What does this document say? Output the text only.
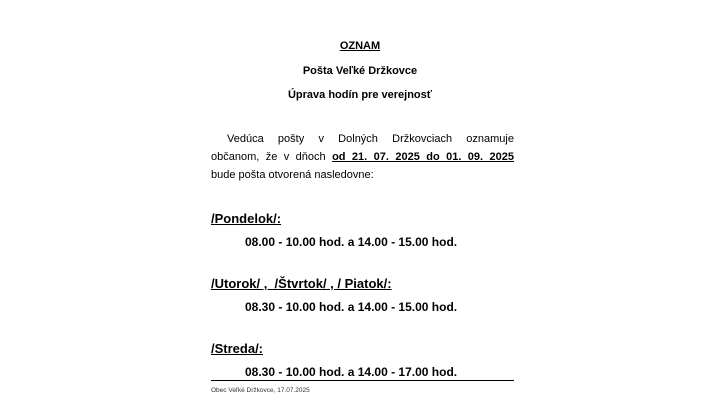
OZNAM
Pošta Veľké Držkovce
Úprava hodín pre verejnosť
Vedúca pošty v Dolných Držkovciach oznamuje
občanom, že v dňoch od 21. 07. 2025 do 01. 09. 2025
bude pošta otvorená nasledovne:
/Pondelok/:
08.00 - 10.00 hod. a 14.00 - 15.00 hod.
/Utorok/ ,  /Štvrtok/ , / Piatok/:
08.30 - 10.00 hod. a 14.00 - 15.00 hod.
/Streda/:
08.30 - 10.00 hod. a 14.00 - 17.00 hod.
Obec Veľké Držkovce, 17.07.2025
